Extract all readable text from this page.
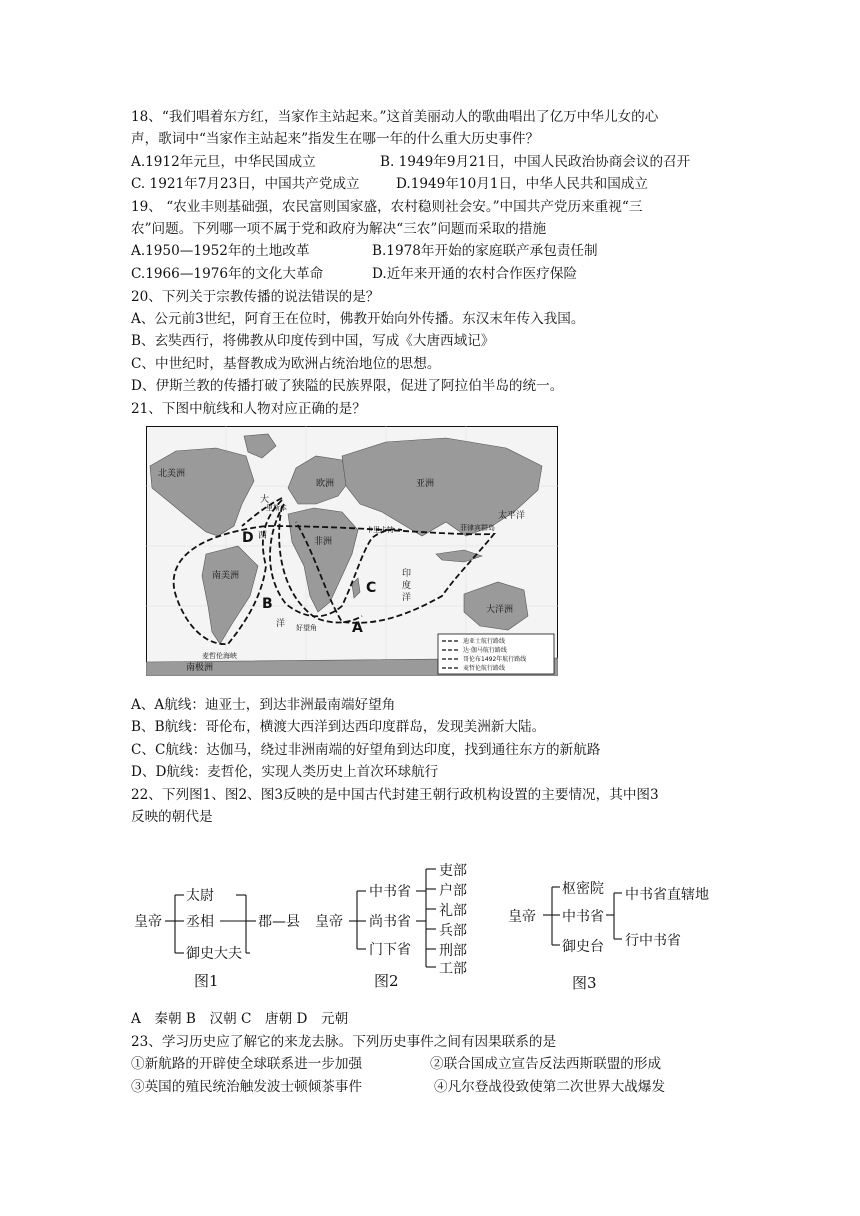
18、“我们唱着东方红，当家作主站起来。”这首美丽动人的歌曲唱出了亿万中华儿女的心
声，歌词中“当家作主站起来”指发生在哪一年的什么重大历史事件？
A.1912年元旦，中华民国成立	B. 1949年9月21日，中国人民政治协商会议的召开
C. 1921年7月23日，中国共产党成立	D.1949年10月1日，中华人民共和国成立
19、 “农业丰则基础强，农民富则国家盛，农村稳则社会安。”中国共产党历来重视“三
农”问题。下列哪一项不属于党和政府为解决“三农”问题而采取的措施
A.1950—1952年的土地改革	B.1978年开始的家庭联产承包责任制
C.1966—1976年的文化大革命	D.近年来开通的农村合作医疗保险
20、下列关于宗教传播的说法错误的是？
A、公元前3世纪，阿育王在位时，佛教开始向外传播。东汉末年传入我国。
B、玄奘西行，将佛教从印度传到中国，写成《大唐西域记》
C、中世纪时，基督教成为欧洲占统治地位的思想。
D、伊斯兰教的传播打破了狭隘的民族界限，促进了阿拉伯半岛的统一。
21、下图中航线和人物对应正确的是？
北美洲
南美洲
欧洲	亚洲
非洲
大洋洲
南极洲
大
西
洋
太平洋
印
度
洋
里斯本
菲律宾群岛
好望角
卡里卡特
麦哲伦海峡
A
B
C
D
迪亚士航行路线
达·伽马航行路线
哥伦布1492年航行路线
麦哲伦航行路线
A、A航线：迪亚士，到达非洲最南端好望角
B、B航线：哥伦布，横渡大西洋到达西印度群岛，发现美洲新大陆。
C、C航线：达伽马，绕过非洲南端的好望角到达印度，找到通往东方的新航路
D、D航线：麦哲伦，实现人类历史上首次环球航行
22、下列图1、图2、图3反映的是中国古代封建王朝行政机构设置的主要情况，其中图3
反映的朝代是
皇帝
太尉
丞相
御史大夫
郡—县
图1
皇帝
中书省
尚书省
门下省
吏部
户部
礼部
兵部
刑部
工部
图2
皇帝
枢密院
中书省
御史台
中书省直辖地
行中书省
图3
A　秦朝 B　汉朝 C　唐朝 D　元朝
23、学习历史应了解它的来龙去脉。下列历史事件之间有因果联系的是
①新航路的开辟使全球联系进一步加强	②联合国成立宣告反法西斯联盟的形成
③英国的殖民统治触发波士顿倾茶事件	④凡尔登战役致使第二次世界大战爆发
